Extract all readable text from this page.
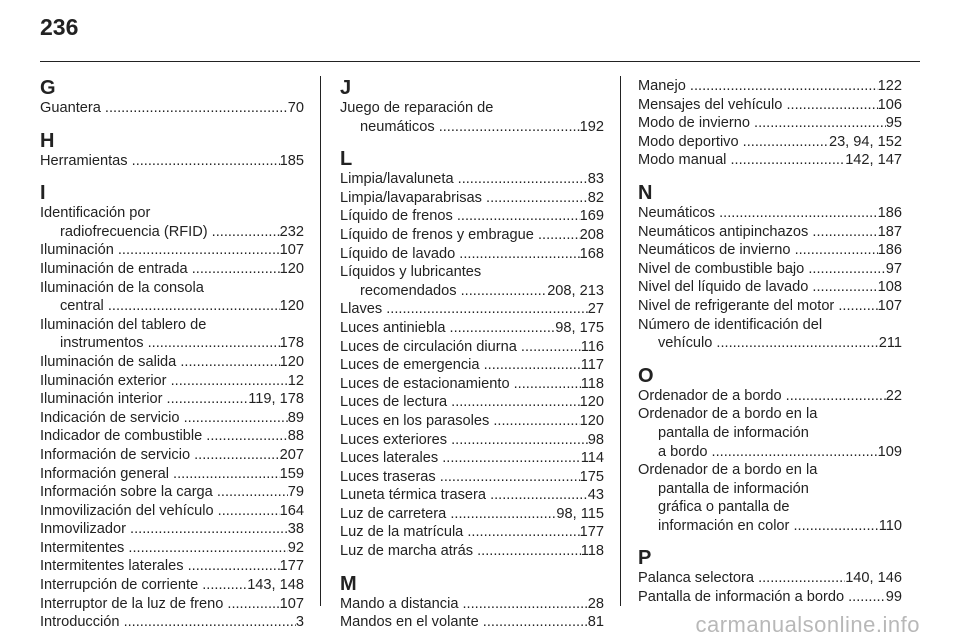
236
G
Guantera .....	70
H
Herramientas .....	185
I
Identificación por
radiofrecuencia (RFID) .....	232
Iluminación .....	107
Iluminación de entrada .....	120
Iluminación de la consola
central .....	120
Iluminación del tablero de
instrumentos .....	178
Iluminación de salida .....	120
Iluminación exterior .....	12
Iluminación interior .....	119, 178
Indicación de servicio .....	89
Indicador de combustible .....	88
Información de servicio .....	207
Información general .....	159
Información sobre la carga .....	79
Inmovilización del vehículo .....	164
Inmovilizador .....	38
Intermitentes .....	92
Intermitentes laterales .....	177
Interrupción de corriente .....	143, 148
Interruptor de la luz de freno .....	107
Introducción .....	3
J
Juego de reparación de
neumáticos .....	192
L
Limpia/lavaluneta .....	83
Limpia/lavaparabrisas .....	82
Líquido de frenos .....	169
Líquido de frenos y embrague .....	208
Líquido de lavado .....	168
Líquidos y lubricantes
recomendados .....	208, 213
Llaves .....	27
Luces antiniebla .....	98, 175
Luces de circulación diurna .....	116
Luces de emergencia .....	117
Luces de estacionamiento .....	118
Luces de lectura .....	120
Luces en los parasoles .....	120
Luces exteriores .....	98
Luces laterales .....	114
Luces traseras .....	175
Luneta térmica trasera .....	43
Luz de carretera .....	98, 115
Luz de la matrícula .....	177
Luz de marcha atrás .....	118
M
Mando a distancia .....	28
Mandos en el volante .....	81
Manejo .....	122
Mensajes del vehículo .....	106
Modo de invierno .....	95
Modo deportivo .....	23, 94, 152
Modo manual .....	142, 147
N
Neumáticos .....	186
Neumáticos antipinchazos .....	187
Neumáticos de invierno .....	186
Nivel de combustible bajo .....	97
Nivel del líquido de lavado .....	108
Nivel de refrigerante del motor .....	107
Número de identificación del
vehículo .....	211
O
Ordenador de a bordo .....	22
Ordenador de a bordo en la
pantalla de información
a bordo .....	109
Ordenador de a bordo en la
pantalla de información
gráfica o pantalla de
información en color .....	110
P
Palanca selectora .....	140, 146
Pantalla de información a bordo .....	99
carmanualsonline.info
